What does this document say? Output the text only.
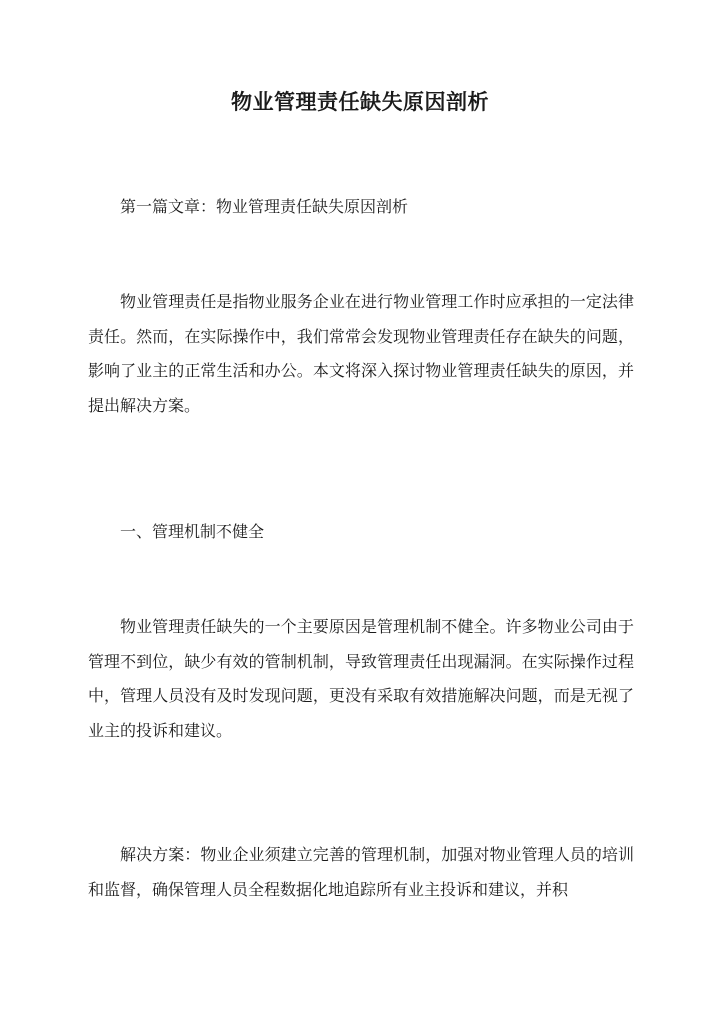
物业管理责任缺失原因剖析

第一篇文章：物业管理责任缺失原因剖析

物业管理责任是指物业服务企业在进行物业管理工作时应承担的一定法律责任。然而，在实际操作中，我们常常会发现物业管理责任存在缺失的问题，影响了业主的正常生活和办公。本文将深入探讨物业管理责任缺失的原因，并提出解决方案。

一、管理机制不健全

物业管理责任缺失的一个主要原因是管理机制不健全。许多物业公司由于管理不到位，缺少有效的管制机制，导致管理责任出现漏洞。在实际操作过程中，管理人员没有及时发现问题，更没有采取有效措施解决问题，而是无视了业主的投诉和建议。

解决方案：物业企业须建立完善的管理机制，加强对物业管理人员的培训和监督，确保管理人员全程数据化地追踪所有业主投诉和建议，并积
